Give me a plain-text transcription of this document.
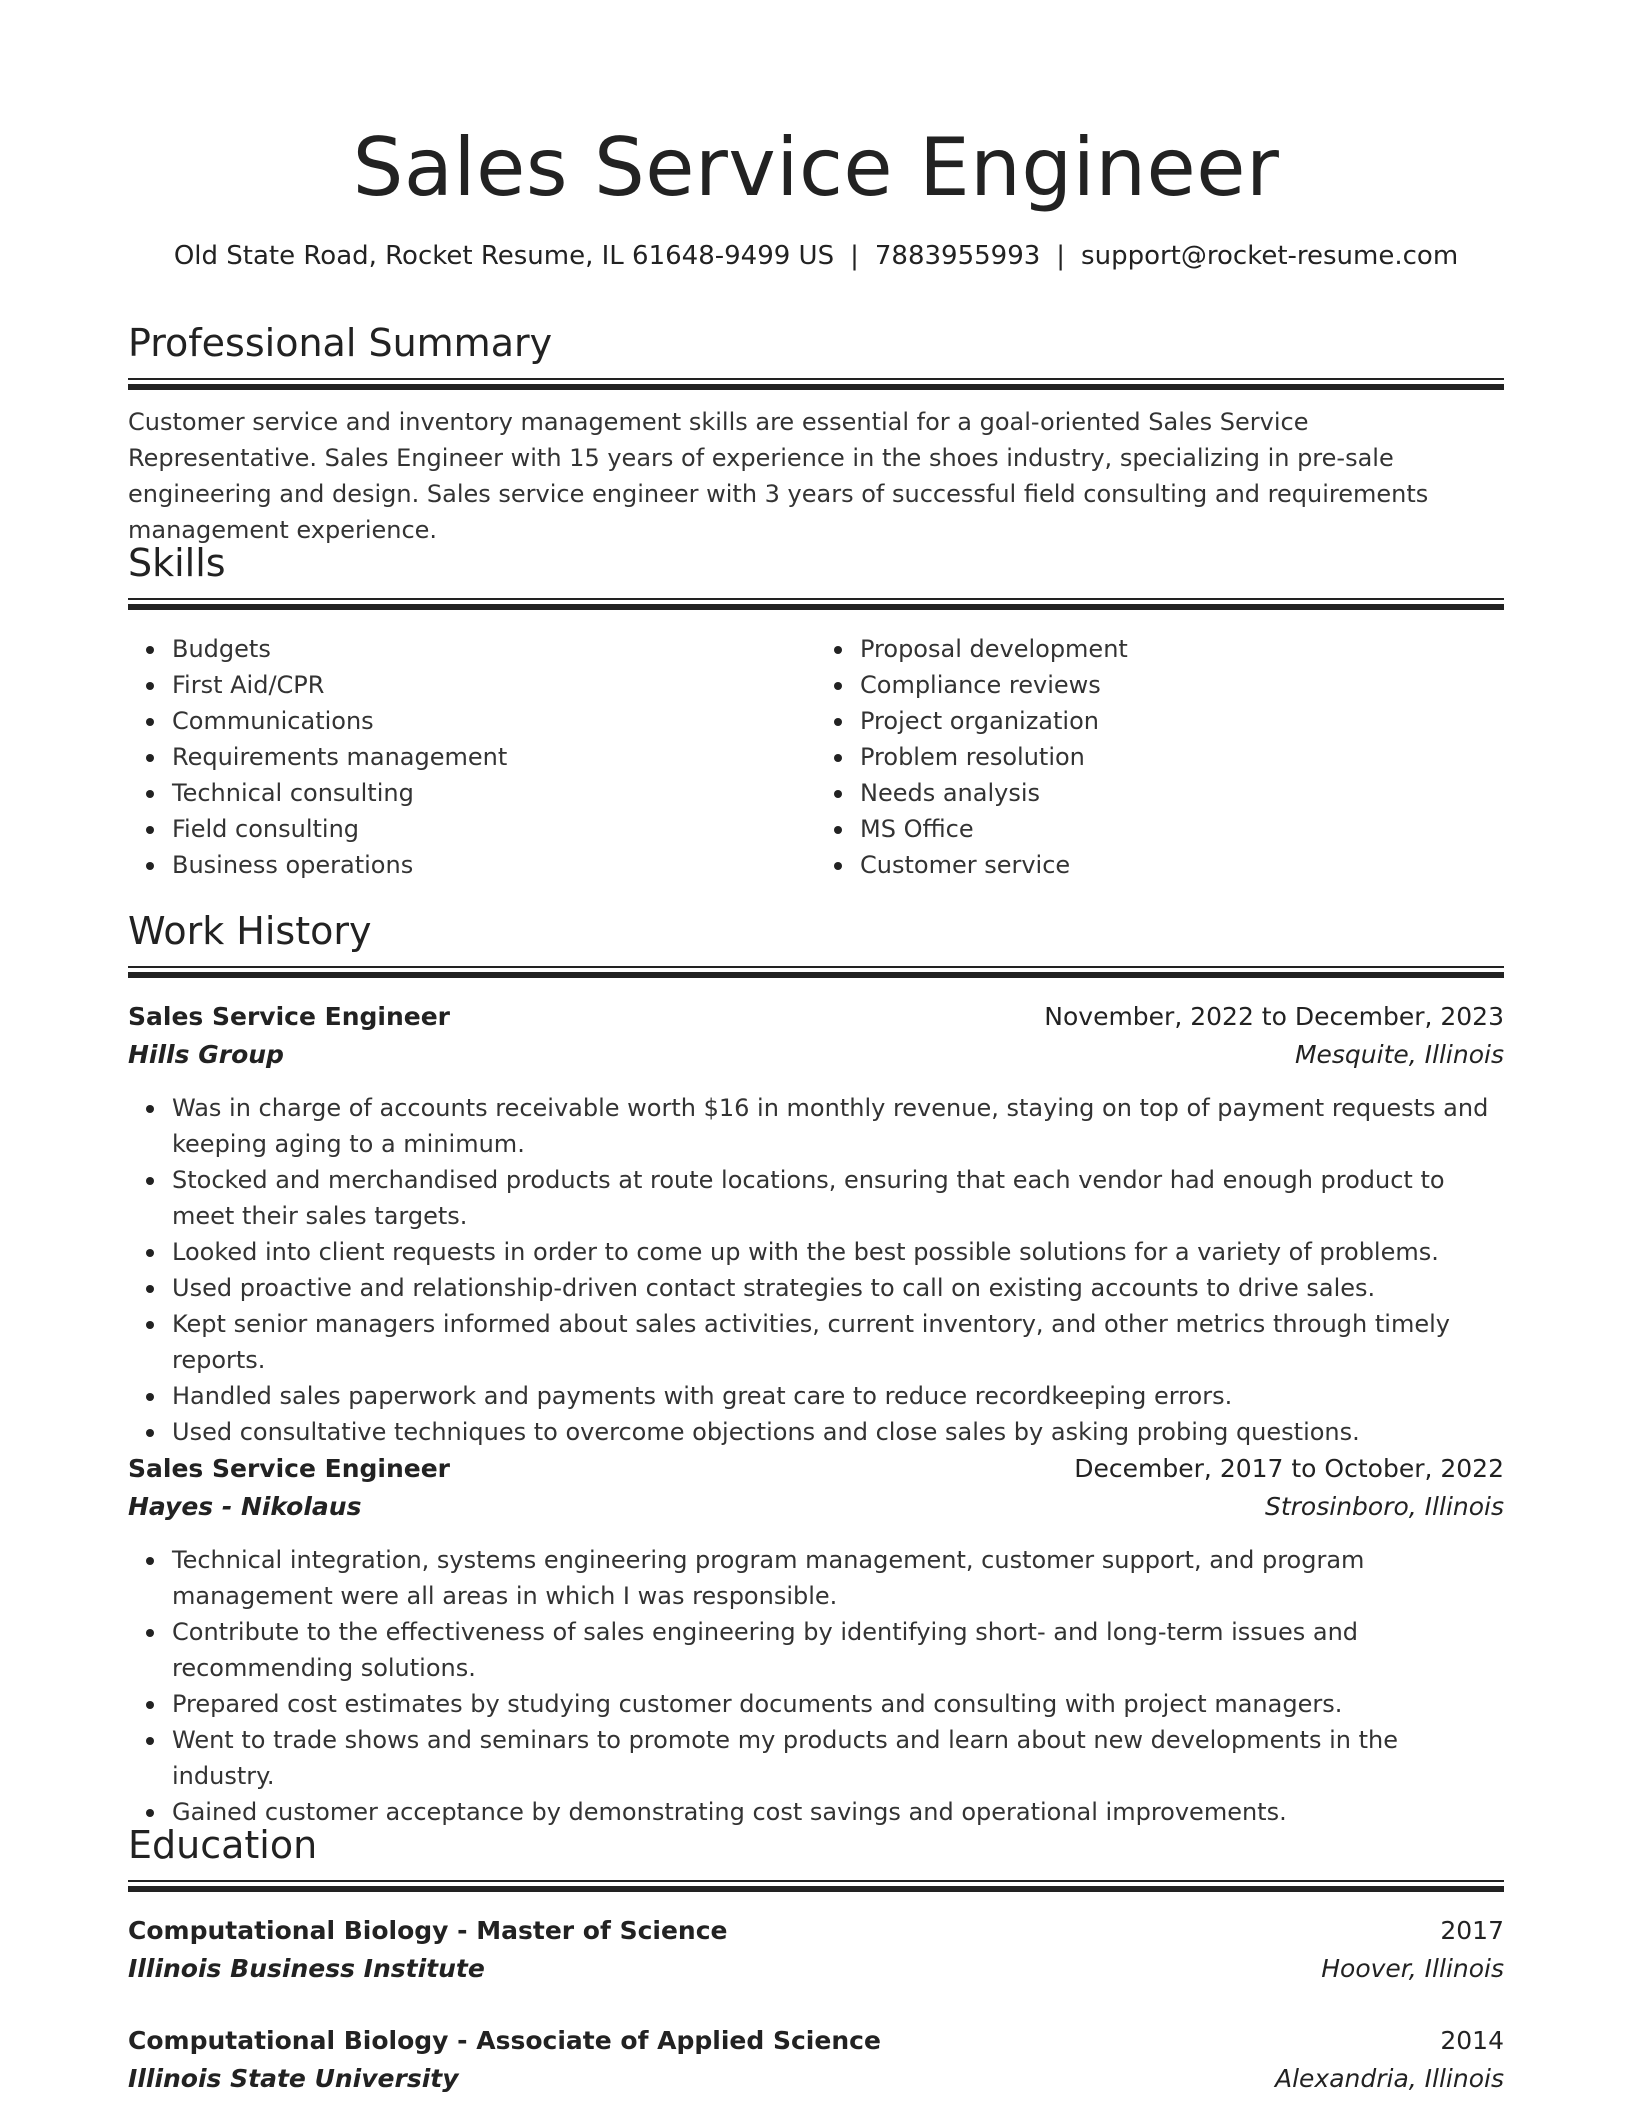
Sales Service Engineer
Old State Road, Rocket Resume, IL 61648-9499 US | 7883955993 | support@rocket-resume.com
Professional Summary

Customer service and inventory management skills are essential for a goal-oriented Sales Service Representative. Sales Engineer with 15 years of experience in the shoes industry, specializing in pre-sale engineering and design. Sales service engineer with 3 years of successful field consulting and requirements management experience.

Skills
Budgets
First Aid/CPR
Communications
Requirements management
Technical consulting
Field consulting
Business operations
Proposal development
Compliance reviews
Project organization
Problem resolution
Needs analysis
MS Office
Customer service
Work History
Sales Service Engineer	November, 2022 to December, 2023
Hills Group	Mesquite, Illinois
Was in charge of accounts receivable worth $16 in monthly revenue, staying on top of payment requests and keeping aging to a minimum.
Stocked and merchandised products at route locations, ensuring that each vendor had enough product to meet their sales targets.
Looked into client requests in order to come up with the best possible solutions for a variety of problems.
Used proactive and relationship-driven contact strategies to call on existing accounts to drive sales.
Kept senior managers informed about sales activities, current inventory, and other metrics through timely reports.
Handled sales paperwork and payments with great care to reduce recordkeeping errors.
Used consultative techniques to overcome objections and close sales by asking probing questions.
Sales Service Engineer	December, 2017 to October, 2022
Hayes - Nikolaus	Strosinboro, Illinois
Technical integration, systems engineering program management, customer support, and program management were all areas in which I was responsible.
Contribute to the effectiveness of sales engineering by identifying short- and long-term issues and recommending solutions.
Prepared cost estimates by studying customer documents and consulting with project managers.
Went to trade shows and seminars to promote my products and learn about new developments in the industry.
Gained customer acceptance by demonstrating cost savings and operational improvements.
Education
Computational Biology - Master of Science	2017
Illinois Business Institute	Hoover, Illinois
Computational Biology - Associate of Applied Science	2014
Illinois State University	Alexandria, Illinois
